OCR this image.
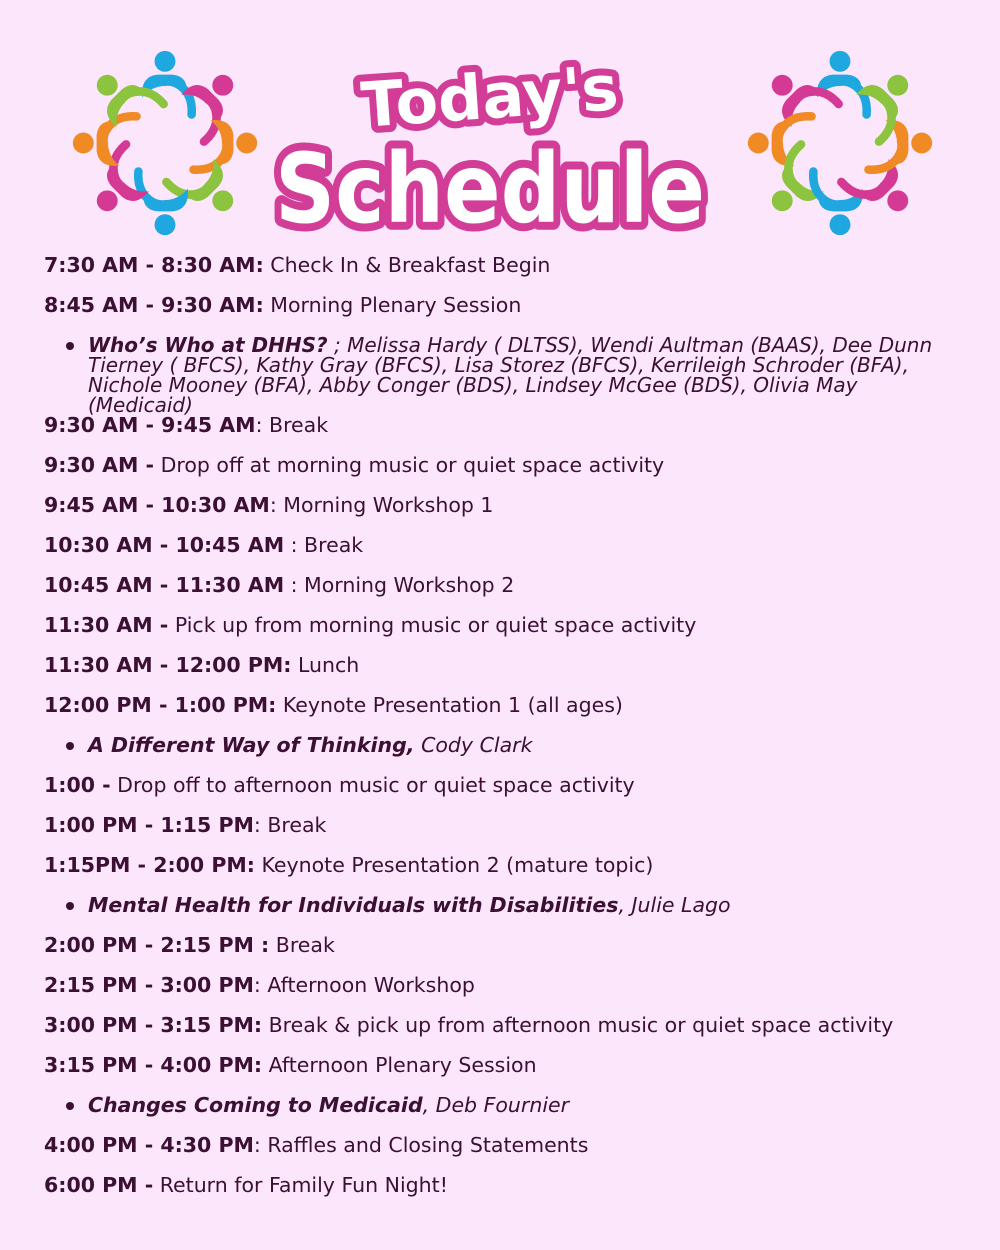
Today's
Schedule
7:30 AM - 8:30 AM: Check In & Breakfast Begin
8:45 AM - 9:30 AM: Morning Plenary Session
Who’s Who at DHHS? ; Melissa Hardy ( DLTSS), Wendi Aultman (BAAS), Dee Dunn Tierney ( BFCS), Kathy Gray (BFCS), Lisa Storez (BFCS), Kerrileigh Schroder (BFA), Nichole Mooney (BFA), Abby Conger (BDS), Lindsey McGee (BDS), Olivia May (Medicaid)
9:30 AM - 9:45 AM: Break
9:30 AM - Drop off at morning music or quiet space activity
9:45 AM - 10:30 AM: Morning Workshop 1
10:30 AM - 10:45 AM : Break
10:45 AM - 11:30 AM : Morning Workshop 2
11:30 AM - Pick up from morning music or quiet space activity
11:30 AM - 12:00 PM: Lunch
12:00 PM - 1:00 PM: Keynote Presentation 1 (all ages)
A Different Way of Thinking, Cody Clark
1:00 - Drop off to afternoon music or quiet space activity
1:00 PM - 1:15 PM: Break
1:15PM - 2:00 PM: Keynote Presentation 2 (mature topic)
Mental Health for Individuals with Disabilities, Julie Lago
2:00 PM - 2:15 PM : Break
2:15 PM - 3:00 PM: Afternoon Workshop
3:00 PM - 3:15 PM: Break & pick up from afternoon music or quiet space activity
3:15 PM - 4:00 PM: Afternoon Plenary Session
Changes Coming to Medicaid, Deb Fournier
4:00 PM - 4:30 PM: Raffles and Closing Statements
6:00 PM - Return for Family Fun Night!
